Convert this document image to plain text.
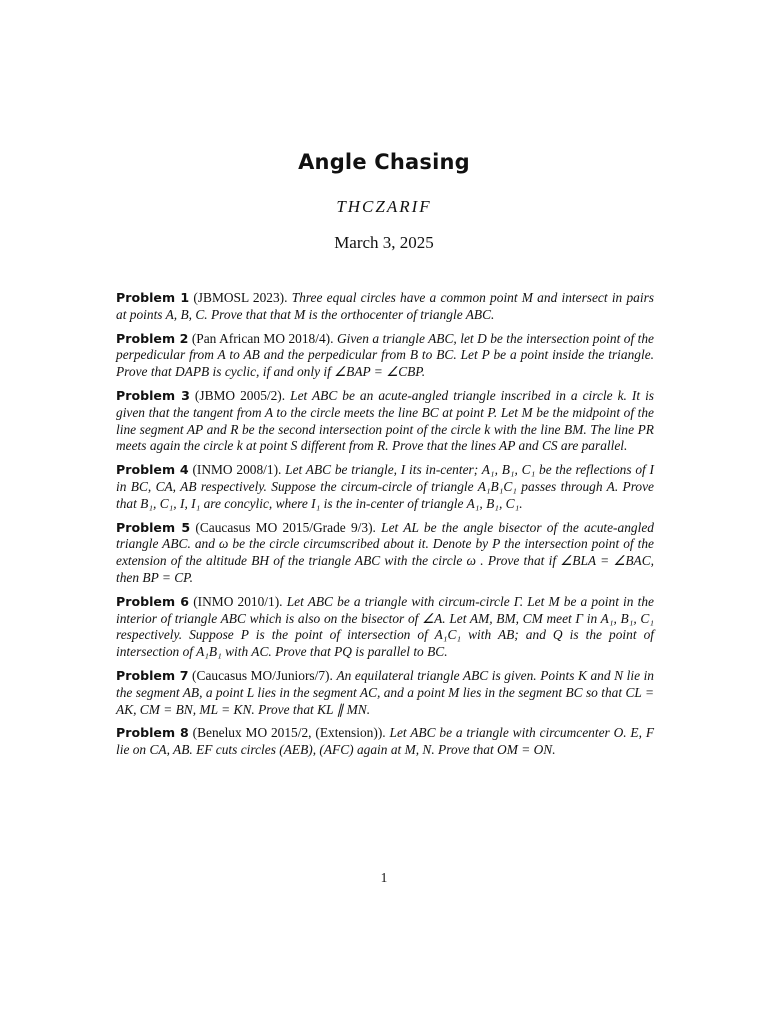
Angle Chasing
THCZARIF
March 3, 2025

Problem 1 (JBMOSL 2023). Three equal circles have a common point M and intersect in pairs at points A, B, C. Prove that that M is the orthocenter of triangle ABC.

Problem 2 (Pan African MO 2018/4). Given a triangle ABC, let D be the intersection point of the perpedicular from A to AB and the perpedicular from B to BC. Let P be a point inside the triangle. Prove that DAPB is cyclic, if and only if ∠BAP = ∠CBP.

Problem 3 (JBMO 2005/2). Let ABC be an acute-angled triangle inscribed in a circle k. It is given that the tangent from A to the circle meets the line BC at point P. Let M be the midpoint of the line segment AP and R be the second intersection point of the circle k with the line BM. The line PR meets again the circle k at point S different from R. Prove that the lines AP and CS are parallel.

Problem 4 (INMO 2008/1). Let ABC be triangle, I its in-center; A₁, B₁, C₁ be the reflections of I in BC, CA, AB respectively. Suppose the circum-circle of triangle A₁B₁C₁ passes through A. Prove that B₁, C₁, I, I₁ are concylic, where I₁ is the in-center of triangle A₁, B₁, C₁.

Problem 5 (Caucasus MO 2015/Grade 9/3). Let AL be the angle bisector of the acute-angled triangle ABC. and ω be the circle circumscribed about it. Denote by P the intersection point of the extension of the altitude BH of the triangle ABC with the circle ω . Prove that if ∠BLA = ∠BAC, then BP = CP.

Problem 6 (INMO 2010/1). Let ABC be a triangle with circum-circle Γ. Let M be a point in the interior of triangle ABC which is also on the bisector of ∠A. Let AM, BM, CM meet Γ in A₁, B₁, C₁ respectively. Suppose P is the point of intersection of A₁C₁ with AB; and Q is the point of intersection of A₁B₁ with AC. Prove that PQ is parallel to BC.

Problem 7 (Caucasus MO/Juniors/7). An equilateral triangle ABC is given. Points K and N lie in the segment AB, a point L lies in the segment AC, and a point M lies in the segment BC so that CL = AK, CM = BN, ML = KN. Prove that KL ∥ MN.

Problem 8 (Benelux MO 2015/2, (Extension)). Let ABC be a triangle with circumcenter O. E, F lie on CA, AB. EF cuts circles (AEB), (AFC) again at M, N. Prove that OM = ON.

1
